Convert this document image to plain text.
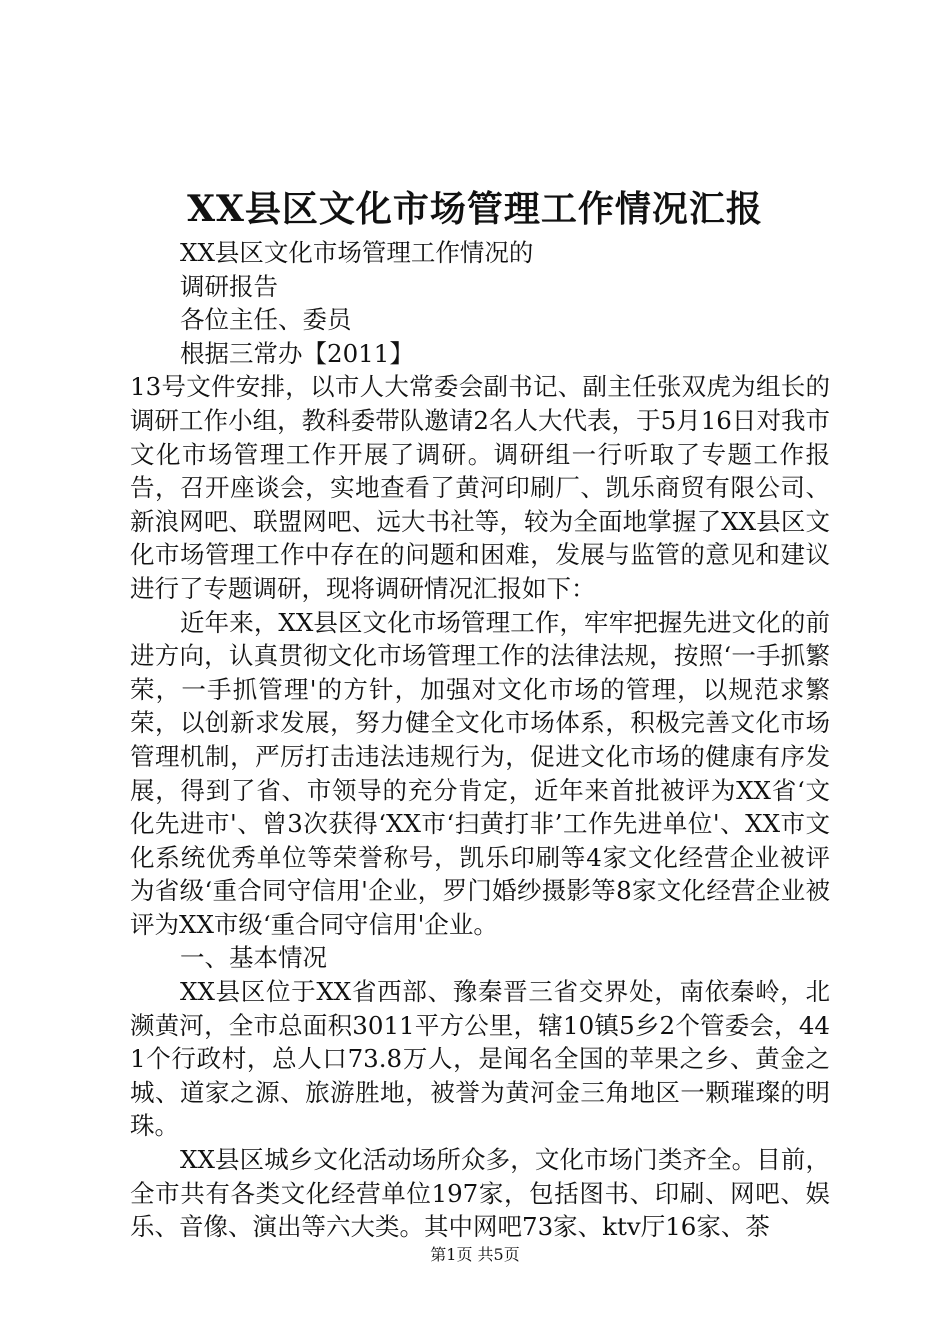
XX县区文化市场管理工作情况汇报

XX县区文化市场管理工作情况的

调研报告

各位主任、委员

根据三常办【2011】

13号文件安排，以市人大常委会副书记、副主任张双虎为组长的调研工作小组，教科委带队邀请2名人大代表，于5月16日对我市文化市场管理工作开展了调研。调研组一行听取了专题工作报告，召开座谈会，实地查看了黄河印刷厂、凯乐商贸有限公司、新浪网吧、联盟网吧、远大书社等，较为全面地掌握了XX县区文化市场管理工作中存在的问题和困难，发展与监管的意见和建议进行了专题调研，现将调研情况汇报如下：

近年来，XX县区文化市场管理工作，牢牢把握先进文化的前进方向，认真贯彻文化市场管理工作的法律法规，按照‘一手抓繁荣，一手抓管理'的方针，加强对文化市场的管理，以规范求繁荣，以创新求发展，努力健全文化市场体系，积极完善文化市场管理机制，严厉打击违法违规行为，促进文化市场的健康有序发展，得到了省、市领导的充分肯定，近年来首批被评为XX省‘文化先进市'、曾3次获得‘XX市‘扫黄打非’工作先进单位'、XX市文化系统优秀单位等荣誉称号，凯乐印刷等4家文化经营企业被评为省级‘重合同守信用'企业，罗门婚纱摄影等8家文化经营企业被评为XX市级‘重合同守信用'企业。

一、基本情况

XX县区位于XX省西部、豫秦晋三省交界处，南依秦岭，北濒黄河，全市总面积3011平方公里，辖10镇5乡2个管委会，441个行政村，总人口73.8万人，是闻名全国的苹果之乡、黄金之城、道家之源、旅游胜地，被誉为黄河金三角地区一颗璀璨的明珠。

XX县区城乡文化活动场所众多，文化市场门类齐全。目前，全市共有各类文化经营单位197家，包括图书、印刷、网吧、娱乐、音像、演出等六大类。其中网吧73家、ktv厅16家、茶

第1页 共5页
